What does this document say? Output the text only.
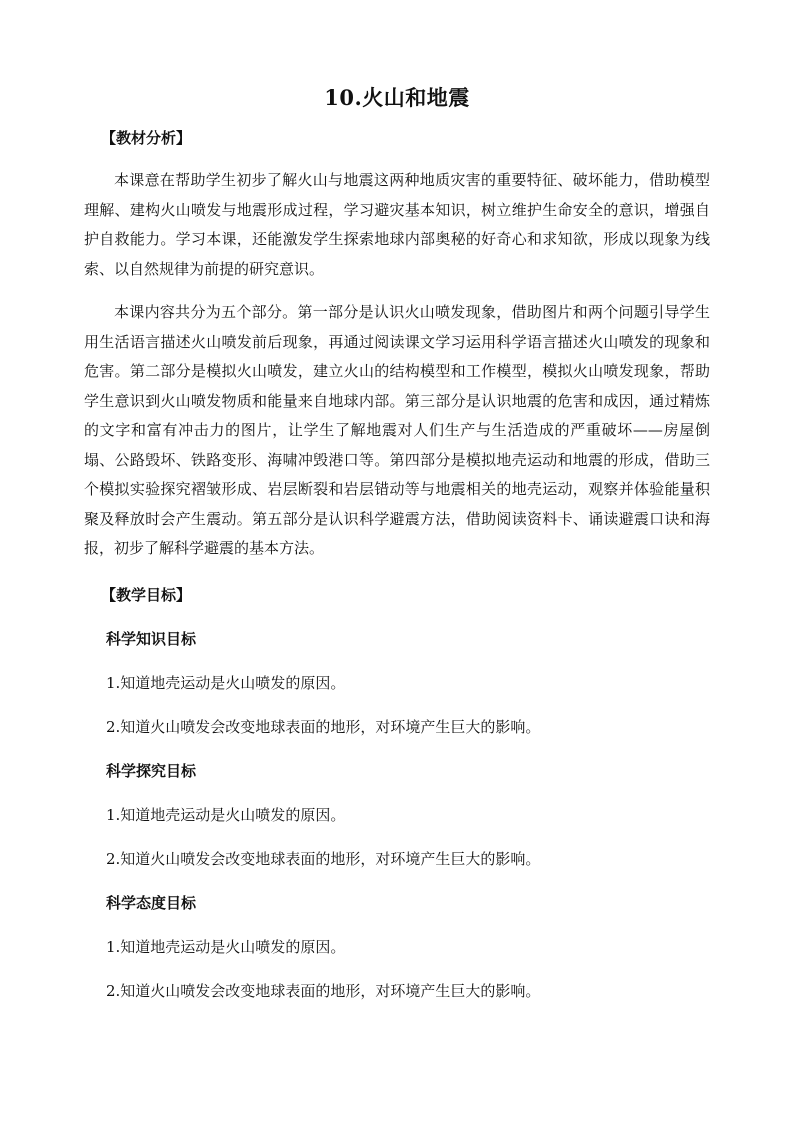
10.火山和地震

【教材分析】

本课意在帮助学生初步了解火山与地震这两种地质灾害的重要特征、破坏能力，借助模型理解、建构火山喷发与地震形成过程，学习避灾基本知识，树立维护生命安全的意识，增强自护自救能力。学习本课，还能激发学生探索地球内部奥秘的好奇心和求知欲，形成以现象为线索、以自然规律为前提的研究意识。

本课内容共分为五个部分。第一部分是认识火山喷发现象，借助图片和两个问题引导学生用生活语言描述火山喷发前后现象，再通过阅读课文学习运用科学语言描述火山喷发的现象和危害。第二部分是模拟火山喷发，建立火山的结构模型和工作模型，模拟火山喷发现象，帮助学生意识到火山喷发物质和能量来自地球内部。第三部分是认识地震的危害和成因，通过精炼的文字和富有冲击力的图片，让学生了解地震对人们生产与生活造成的严重破坏——房屋倒塌、公路毁坏、铁路变形、海啸冲毁港口等。第四部分是模拟地壳运动和地震的形成，借助三个模拟实验探究褶皱形成、岩层断裂和岩层错动等与地震相关的地壳运动，观察并体验能量积聚及释放时会产生震动。第五部分是认识科学避震方法，借助阅读资料卡、诵读避震口诀和海报，初步了解科学避震的基本方法。

【教学目标】

科学知识目标

1.知道地壳运动是火山喷发的原因。

2.知道火山喷发会改变地球表面的地形，对环境产生巨大的影响。

科学探究目标

1.知道地壳运动是火山喷发的原因。

2.知道火山喷发会改变地球表面的地形，对环境产生巨大的影响。

科学态度目标

1.知道地壳运动是火山喷发的原因。

2.知道火山喷发会改变地球表面的地形，对环境产生巨大的影响。
